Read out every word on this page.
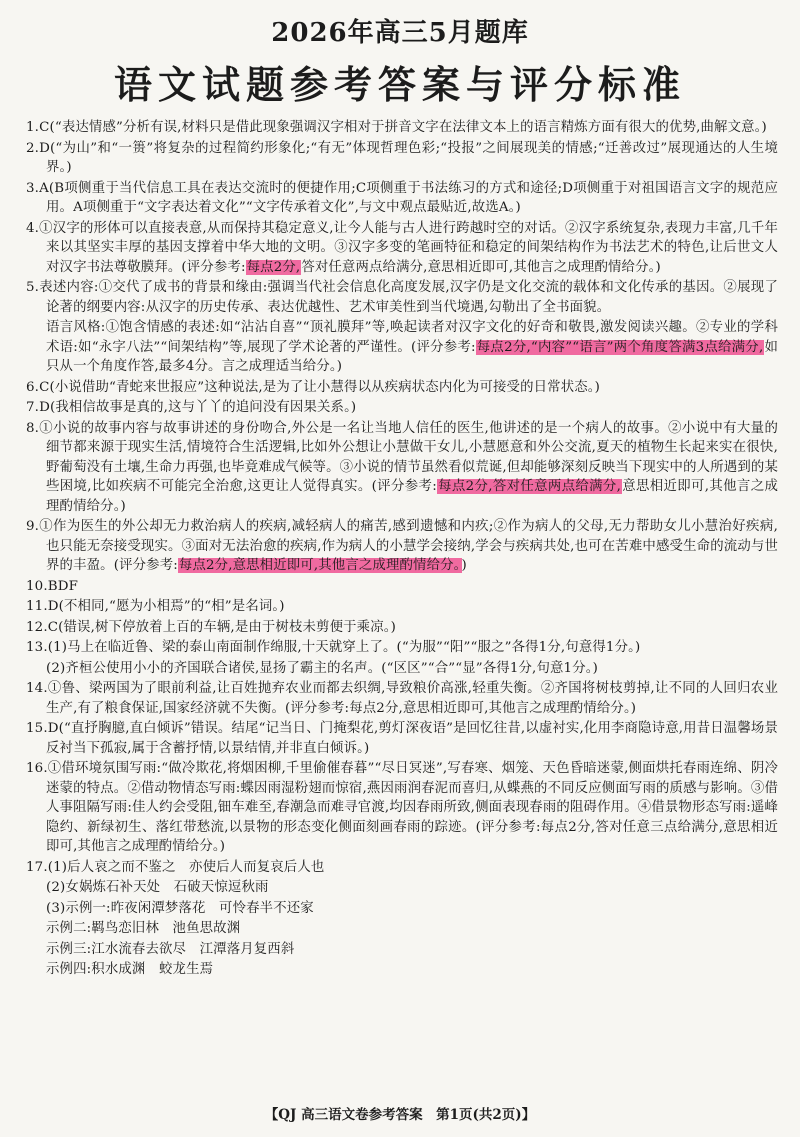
2026年高三5月题库
语文试题参考答案与评分标准
1.C(“表达情感”分析有误,材料只是借此现象强调汉字相对于拼音文字在法律文本上的语言精炼方面有很大的优势,曲解文意。)
2.D(“为山”和“一篑”将复杂的过程简约形象化;“有无”体现哲理色彩;“投报”之间展现美的情感;“迁善改过”展现通达的人生境界。)
3.A(B项侧重于当代信息工具在表达交流时的便捷作用;C项侧重于书法练习的方式和途径;D项侧重于对祖国语言文字的规范应用。A项侧重于“文字表达着文化”“文字传承着文化”,与文中观点最贴近,故选A。)
4.①汉字的形体可以直接表意,从而保持其稳定意义,让今人能与古人进行跨越时空的对话。②汉字系统复杂,表现力丰富,几千年来以其坚实丰厚的基因支撑着中华大地的文明。③汉字多变的笔画特征和稳定的间架结构作为书法艺术的特色,让后世文人对汉字书法尊敬膜拜。(评分参考:每点2分,答对任意两点给满分,意思相近即可,其他言之成理酌情给分。)
5.表述内容:①交代了成书的背景和缘由:强调当代社会信息化高度发展,汉字仍是文化交流的载体和文化传承的基因。②展现了论著的纲要内容:从汉字的历史传承、表达优越性、艺术审美性到当代境遇,勾勒出了全书面貌。
语言风格:①饱含情感的表述:如“沾沾自喜”“顶礼膜拜”等,唤起读者对汉字文化的好奇和敬畏,激发阅读兴趣。②专业的学科术语:如“永字八法”“间架结构”等,展现了学术论著的严谨性。(评分参考:每点2分,“内容”“语言”两个角度答满3点给满分,如只从一个角度作答,最多4分。言之成理适当给分。)
6.C(小说借助“青蛇来世报应”这种说法,是为了让小慧得以从疾病状态内化为可接受的日常状态。)
7.D(我相信故事是真的,这与丫丫的追问没有因果关系。)
8.①小说的故事内容与故事讲述的身份吻合,外公是一名让当地人信任的医生,他讲述的是一个病人的故事。②小说中有大量的细节都来源于现实生活,情境符合生活逻辑,比如外公想让小慧做干女儿,小慧愿意和外公交流,夏天的植物生长起来实在很快,野葡萄没有土壤,生命力再强,也毕竟难成气候等。③小说的情节虽然看似荒诞,但却能够深刻反映当下现实中的人所遇到的某些困境,比如疾病不可能完全治愈,这更让人觉得真实。(评分参考:每点2分,答对任意两点给满分,意思相近即可,其他言之成理酌情给分。)
9.①作为医生的外公却无力救治病人的疾病,减轻病人的痛苦,感到遗憾和内疚;②作为病人的父母,无力帮助女儿小慧治好疾病,也只能无奈接受现实。③面对无法治愈的疾病,作为病人的小慧学会接纳,学会与疾病共处,也可在苦难中感受生命的流动与世界的丰盈。(评分参考:每点2分,意思相近即可,其他言之成理酌情给分。)
10.BDF
11.D(不相同,“愿为小相焉”的“相”是名词。)
12.C(错误,树下停放着上百的车辆,是由于树枝未剪便于乘凉。)
13.(1)马上在临近鲁、梁的泰山南面制作绵服,十天就穿上了。(“为服”“阳”“服之”各得1分,句意得1分。)
(2)齐桓公使用小小的齐国联合诸侯,显扬了霸主的名声。(“区区”“合”“显”各得1分,句意1分。)
14.①鲁、梁两国为了眼前利益,让百姓抛弃农业而都去织绸,导致粮价高涨,轻重失衡。②齐国将树枝剪掉,让不同的人回归农业生产,有了粮食保证,国家经济就不失衡。(评分参考:每点2分,意思相近即可,其他言之成理酌情给分。)
15.D(“直抒胸臆,直白倾诉”错误。结尾“记当日、门掩梨花,剪灯深夜语”是回忆往昔,以虚衬实,化用李商隐诗意,用昔日温馨场景反衬当下孤寂,属于含蓄抒情,以景结情,并非直白倾诉。)
16.①借环境氛围写雨:“做冷欺花,将烟困柳,千里偷催春暮”“尽日冥迷”,写春寒、烟笼、天色昏暗迷蒙,侧面烘托春雨连绵、阴冷迷蒙的特点。②借动物情态写雨:蝶因雨湿粉翅而惊宿,燕因雨润春泥而喜归,从蝶燕的不同反应侧面写雨的质感与影响。③借人事阻隔写雨:佳人约会受阻,钿车难至,春潮急而难寻官渡,均因春雨所致,侧面表现春雨的阻碍作用。④借景物形态写雨:遥峰隐约、新绿初生、落红带愁流,以景物的形态变化侧面刻画春雨的踪迹。(评分参考:每点2分,答对任意三点给满分,意思相近即可,其他言之成理酌情给分。)
17.(1)后人哀之而不鉴之　亦使后人而复哀后人也
(2)女娲炼石补天处　石破天惊逗秋雨
(3)示例一:昨夜闲潭梦落花　可怜春半不还家
示例二:羁鸟恋旧林　池鱼思故渊
示例三:江水流春去欲尽　江潭落月复西斜
示例四:积水成渊　蛟龙生焉
【QJ 高三语文卷参考答案　第1页(共2页)】
